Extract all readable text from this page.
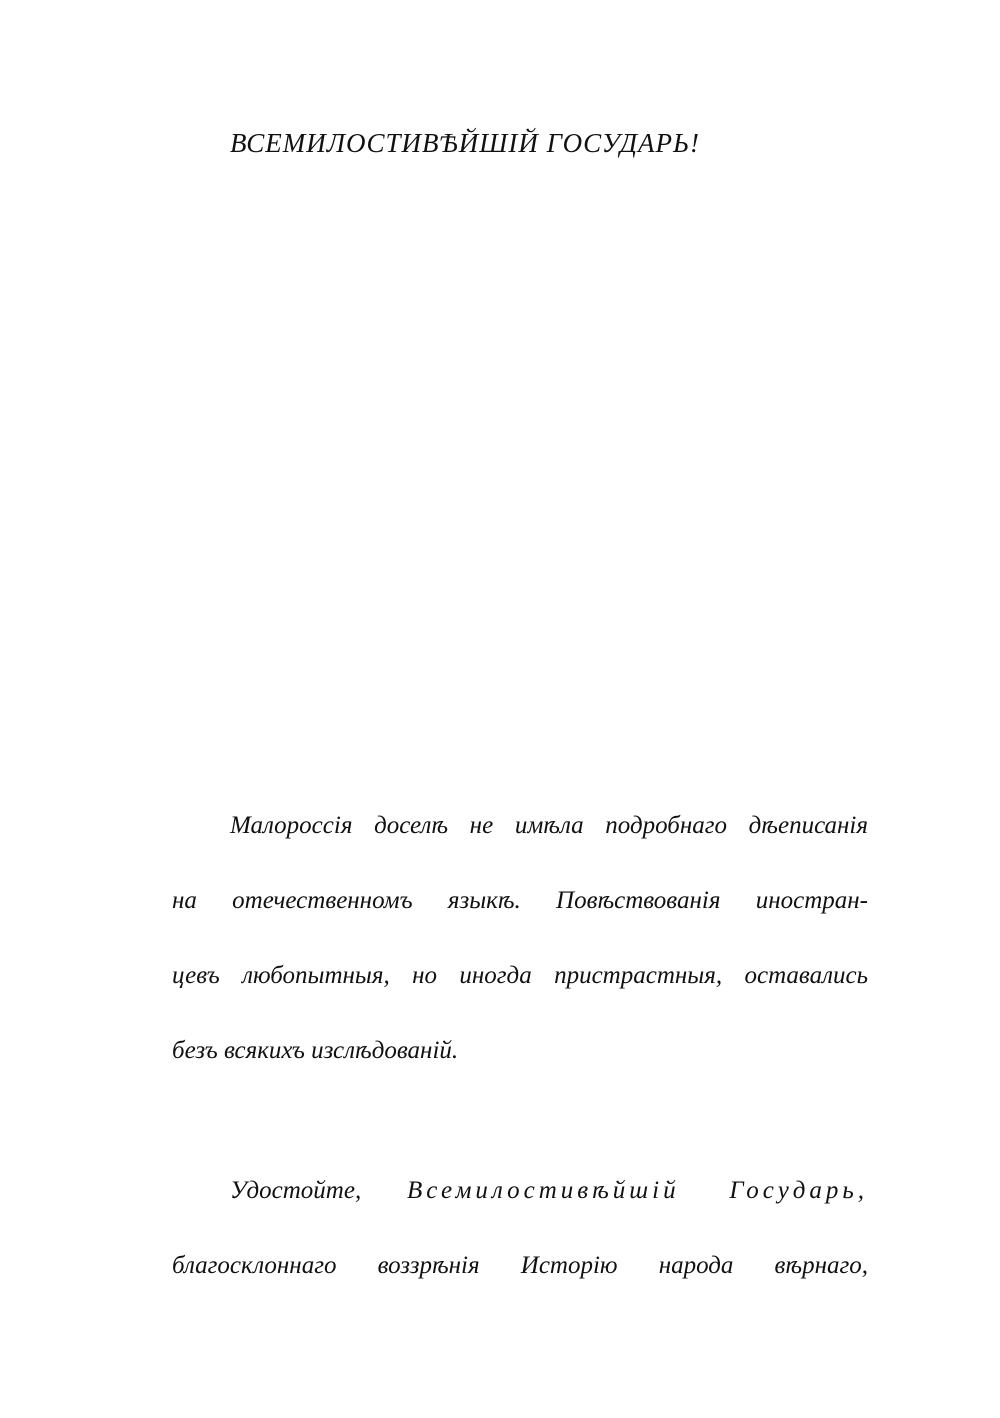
ВСЕМИЛОСТИВѢЙШІЙ ГОСУДАРЬ!
Малороссія доселѣ не имѣла подробнаго дѣеписанія
на отечественномъ языкѣ. Повѣствованія иностран-
цевъ любопытныя, но иногда пристрастныя, оставались
безъ всякихъ изслѣдованій.
Удостойте, Всемилостивѣйшій Государь,
благосклоннаго воззрѣнія Исторію народа вѣрнаго,
